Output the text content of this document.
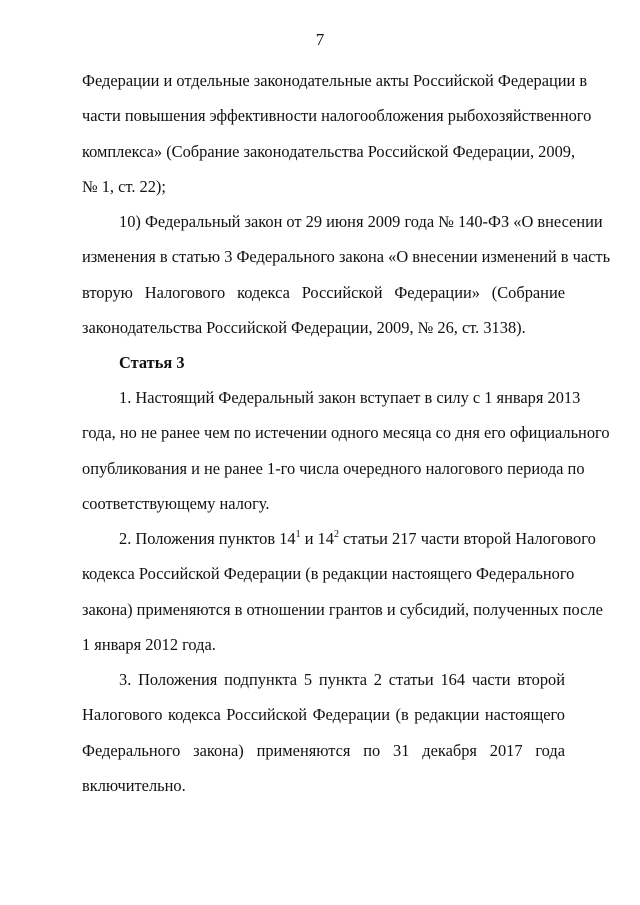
7
Федерации и отдельные законодательные акты Российской Федерации в
части повышения эффективности налогообложения рыбохозяйственного
комплекса» (Собрание законодательства Российской Федерации, 2009,
№ 1, ст. 22);
10) Федеральный закон от 29 июня 2009 года № 140-ФЗ «О внесении
изменения в статью 3 Федерального закона «О внесении изменений в часть
вторую Налогового кодекса Российской Федерации» (Собрание
законодательства Российской Федерации, 2009, № 26, ст. 3138).
Статья 3
1. Настоящий Федеральный закон вступает в силу с 1 января 2013
года, но не ранее чем по истечении одного месяца со дня его официального
опубликования и не ранее 1-го числа очередного налогового периода по
соответствующему налогу.
2. Положения пунктов $14^1$ и $14^2$ статьи 217 части второй Налогового
кодекса Российской Федерации (в редакции настоящего Федерального
закона) применяются в отношении грантов и субсидий, полученных после
1 января 2012 года.
3. Положения подпункта 5 пункта 2 статьи 164 части второй
Налогового кодекса Российской Федерации (в редакции настоящего
Федерального закона) применяются по 31 декабря 2017 года
включительно.
